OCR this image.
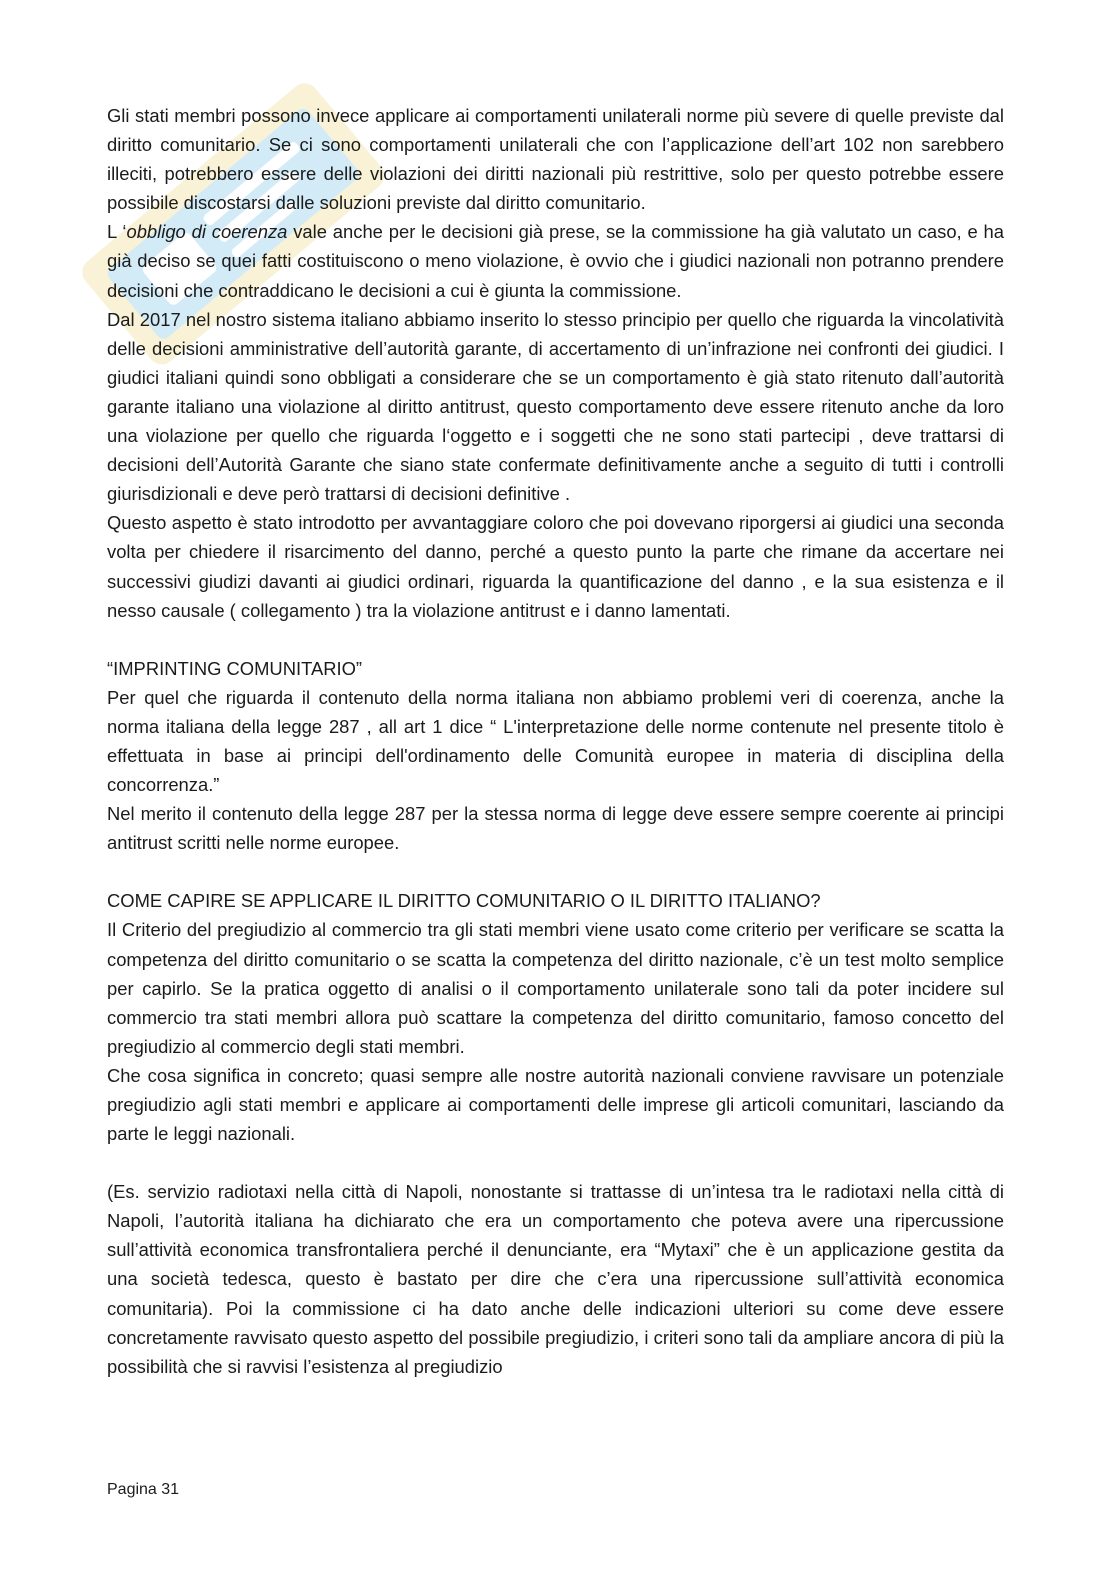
Gli stati membri possono invece applicare ai comportamenti unilaterali norme più severe di quelle previste dal diritto comunitario. Se ci sono comportamenti unilaterali che con l’applicazione dell’art 102 non sarebbero illeciti, potrebbero essere delle violazioni dei diritti nazionali più restrittive, solo per questo potrebbe essere possibile discostarsi dalle soluzioni previste dal diritto comunitario.

L ‘obbligo di coerenza vale anche per le decisioni già prese, se la commissione ha già valutato un caso, e ha già deciso se quei fatti costituiscono o meno violazione, è ovvio che i giudici nazionali non potranno prendere decisioni che contraddicano le decisioni a cui è giunta la commissione.

Dal 2017 nel nostro sistema italiano abbiamo inserito lo stesso principio per quello che riguarda la vincolatività delle decisioni amministrative dell’autorità garante, di accertamento di un’infrazione nei confronti dei giudici. I giudici italiani quindi sono obbligati a considerare che se un comportamento è già stato ritenuto dall’autorità garante italiano una violazione al diritto antitrust, questo comportamento deve essere ritenuto anche da loro una violazione per quello che riguarda l‘oggetto e i soggetti che ne sono stati partecipi , deve trattarsi di decisioni dell’Autorità Garante che siano state confermate definitivamente anche a seguito di tutti i controlli giurisdizionali e deve però trattarsi di decisioni definitive .

Questo aspetto è stato introdotto per avvantaggiare coloro che poi dovevano riporgersi ai giudici una seconda volta per chiedere il risarcimento del danno, perché a questo punto la parte che rimane da accertare nei successivi giudizi davanti ai giudici ordinari, riguarda la quantificazione del danno , e la sua esistenza e il nesso causale ( collegamento ) tra la violazione antitrust e i danno lamentati.

“IMPRINTING COMUNITARIO”

Per quel che riguarda il contenuto della norma italiana non abbiamo problemi veri di coerenza, anche la norma italiana della legge 287 , all art 1 dice “ L'interpretazione delle norme contenute nel presente titolo è effettuata in base ai principi dell'ordinamento delle Comunità europee in materia di disciplina della concorrenza.”

Nel merito il contenuto della legge 287 per la stessa norma di legge deve essere sempre coerente ai principi antitrust scritti nelle norme europee.

COME CAPIRE SE APPLICARE IL DIRITTO COMUNITARIO O IL DIRITTO ITALIANO?

Il Criterio del pregiudizio al commercio tra gli stati membri viene usato come criterio per verificare se scatta la competenza del diritto comunitario o se scatta la competenza del diritto nazionale, c’è un test molto semplice per capirlo. Se la pratica oggetto di analisi o il comportamento unilaterale sono tali da poter incidere sul commercio tra stati membri allora può scattare la competenza del diritto comunitario, famoso concetto del pregiudizio al commercio degli stati membri.

Che cosa significa in concreto; quasi sempre alle nostre autorità nazionali conviene ravvisare un potenziale pregiudizio agli stati membri e applicare ai comportamenti delle imprese gli articoli comunitari, lasciando da parte le leggi nazionali.

(Es. servizio radiotaxi nella città di Napoli, nonostante si trattasse di un’intesa tra le radiotaxi nella città di Napoli, l’autorità italiana ha dichiarato che era un comportamento che poteva avere una ripercussione sull’attività economica transfrontaliera perché il denunciante, era “Mytaxi” che è un applicazione gestita da una società tedesca, questo è bastato per dire che c’era una ripercussione sull’attività economica comunitaria). Poi la commissione ci ha dato anche delle indicazioni ulteriori su come deve essere concretamente ravvisato questo aspetto del possibile pregiudizio, i criteri sono tali da ampliare ancora di più la possibilità che si ravvisi l’esistenza al pregiudizio

Pagina 31
